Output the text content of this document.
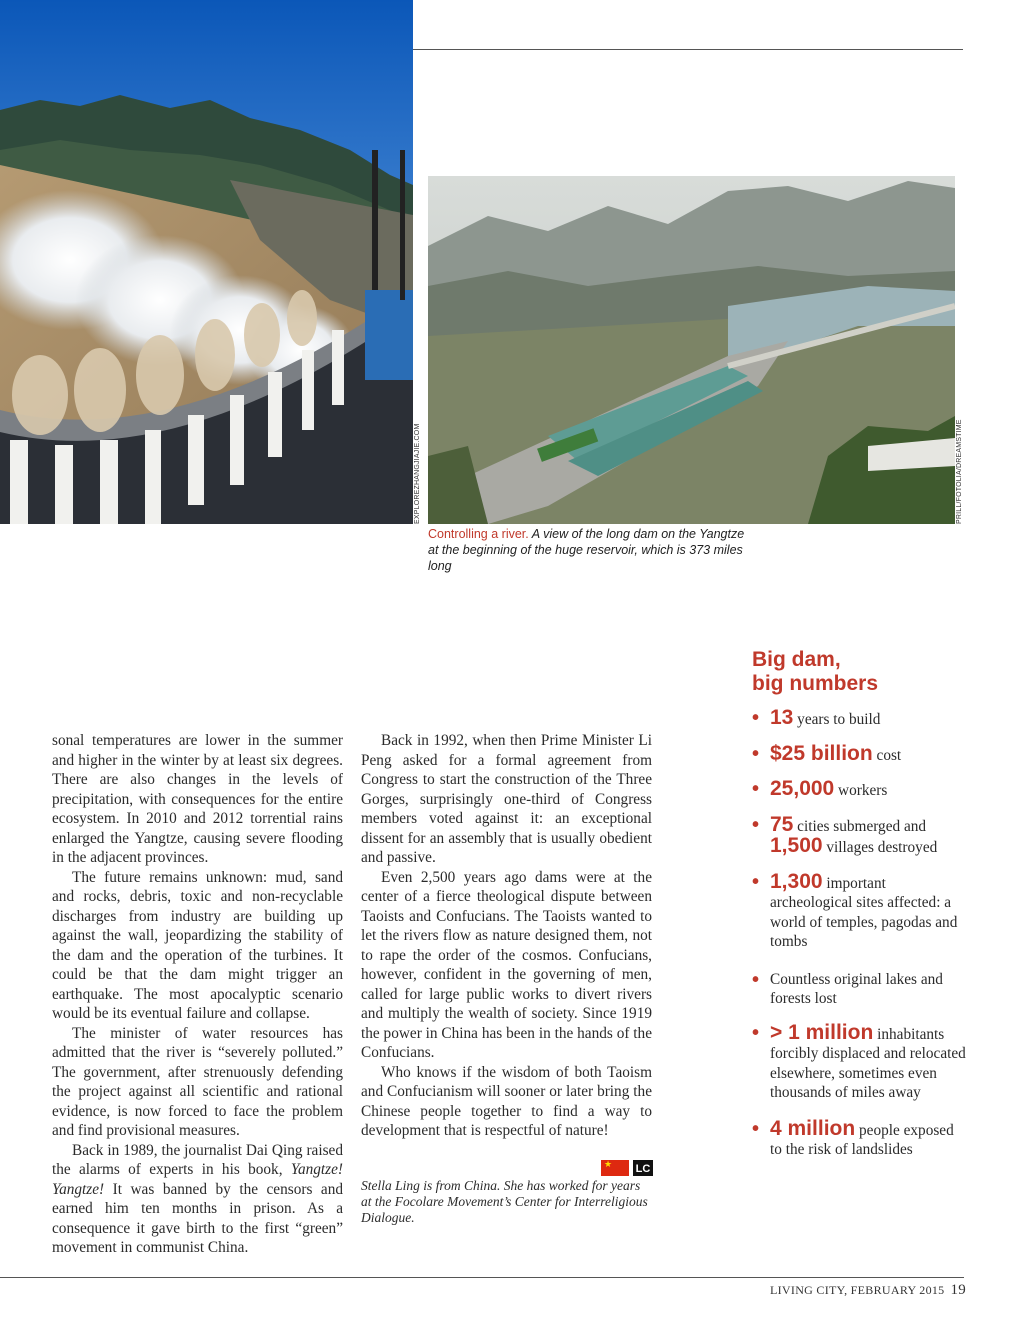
EXPLOREZHANGJIAJIE.COM	PRILL/FOTOLIA/DREAMSTIME
Controlling a river. A view of the long dam on the Yangtze at the beginning of the huge reservoir, which is 373 miles long

sonal temperatures are lower in the summer and higher in the winter by at least six degrees. There are also changes in the levels of precipitation, with consequences for the entire ecosystem. In 2010 and 2012 torrential rains enlarged the Yangtze, causing severe flooding in the adjacent provinces.

The future remains unknown: mud, sand and rocks, debris, toxic and non-recyclable discharges from industry are building up against the wall, jeopardizing the stability of the dam and the operation of the turbines. It could be that the dam might trigger an earthquake. The most apocalyptic scenario would be its eventual failure and collapse.

The minister of water resources has admitted that the river is “severely polluted.” The government, after strenuously defending the project against all scientific and rational evidence, is now forced to face the problem and find provisional measures.

Back in 1989, the journalist Dai Qing raised the alarms of experts in his book, Yangtze! Yangtze! It was banned by the censors and earned him ten months in prison. As a consequence it gave birth to the first “green” movement in communist China.

Back in 1992, when then Prime Minister Li Peng asked for a formal agreement from Congress to start the construction of the Three Gorges, surprisingly one-third of Congress members voted against it: an exceptional dissent for an assembly that is usually obedient and passive.

Even 2,500 years ago dams were at the center of a fierce theological dispute between Taoists and Confucians. The Taoists wanted to let the rivers flow as nature designed them, not to rape the order of the cosmos. Confucians, however, confident in the governing of men, called for large public works to divert rivers and multiply the wealth of society. Since 1919 the power in China has been in the hands of the Confucians.

Who knows if the wisdom of both Taoism and Confucianism will sooner or later bring the Chinese people together to find a way to development that is respectful of nature!

★ LC
Stella Ling is from China. She has worked for years at the Focolare Movement’s Center for Interreligious Dialogue.
Big dam,
big numbers
• 13 years to build
• $25 billion cost
• 25,000 workers
• 75 cities submerged and 1,500 villages destroyed
• 1,300 important archeological sites affected: a world of temples, pagodas and tombs
• Countless original lakes and forests lost
• > 1 million inhabitants forcibly displaced and relocated elsewhere, sometimes even thousands of miles away
• 4 million people exposed to the risk of landslides
LIVING CITY, FEBRUARY 2015 19
